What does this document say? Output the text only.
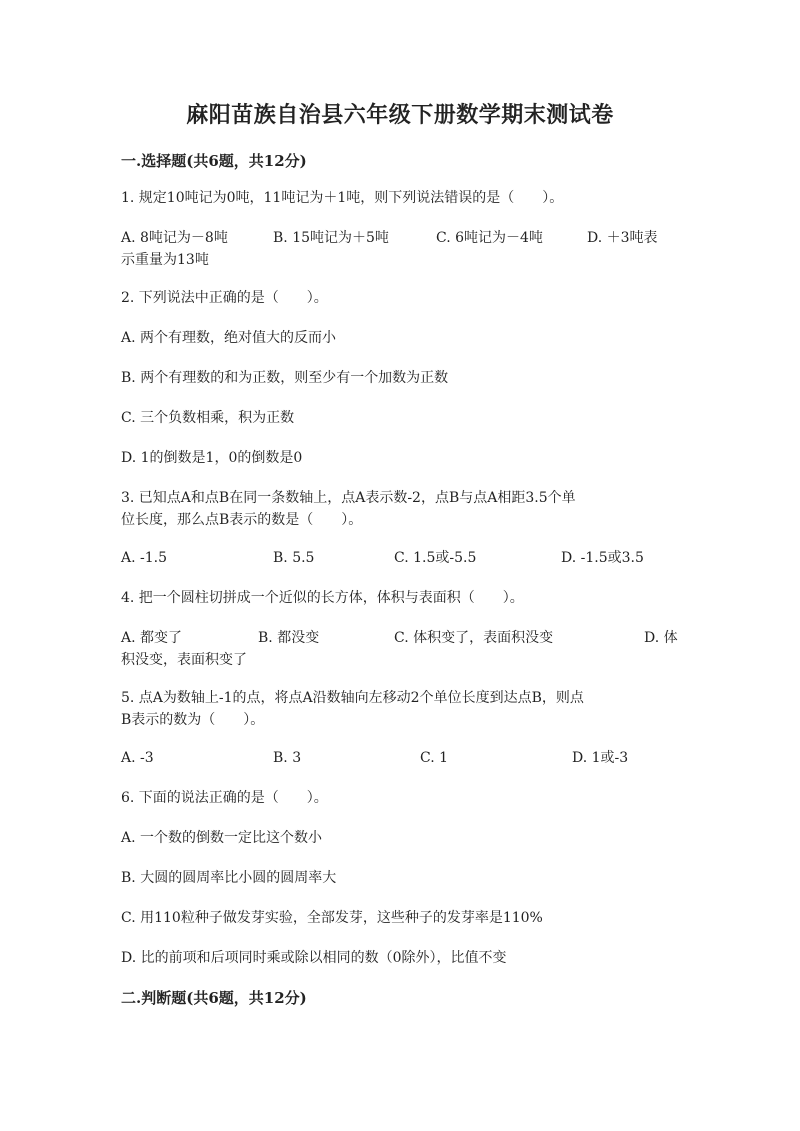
麻阳苗族自治县六年级下册数学期末测试卷
一.选择题(共6题，共12分)
1. 规定10吨记为0吨，11吨记为＋1吨，则下列说法错误的是（　　）。
A. 8吨记为－8吨	B. 15吨记为＋5吨	C. 6吨记为－4吨	D. ＋3吨表
示重量为13吨
2. 下列说法中正确的是（　　）。
A. 两个有理数，绝对值大的反而小
B. 两个有理数的和为正数，则至少有一个加数为正数
C. 三个负数相乘，积为正数
D. 1的倒数是1，0的倒数是0
3. 已知点A和点B在同一条数轴上，点A表示数-2，点B与点A相距3.5个单
位长度，那么点B表示的数是（　　）。
A. -1.5	B. 5.5	C. 1.5或-5.5	D. -1.5或3.5
4. 把一个圆柱切拼成一个近似的长方体，体积与表面积（　　）。
A. 都变了	B. 都没变	C. 体积变了，表面积没变	D. 体
积没变，表面积变了
5. 点A为数轴上-1的点，将点A沿数轴向左移动2个单位长度到达点B，则点
B表示的数为（　　）。
A. -3	B. 3	C. 1	D. 1或-3
6. 下面的说法正确的是（　　）。
A. 一个数的倒数一定比这个数小
B. 大圆的圆周率比小圆的圆周率大
C. 用110粒种子做发芽实验，全部发芽，这些种子的发芽率是110%
D. 比的前项和后项同时乘或除以相同的数（0除外），比值不变
二.判断题(共6题，共12分)
